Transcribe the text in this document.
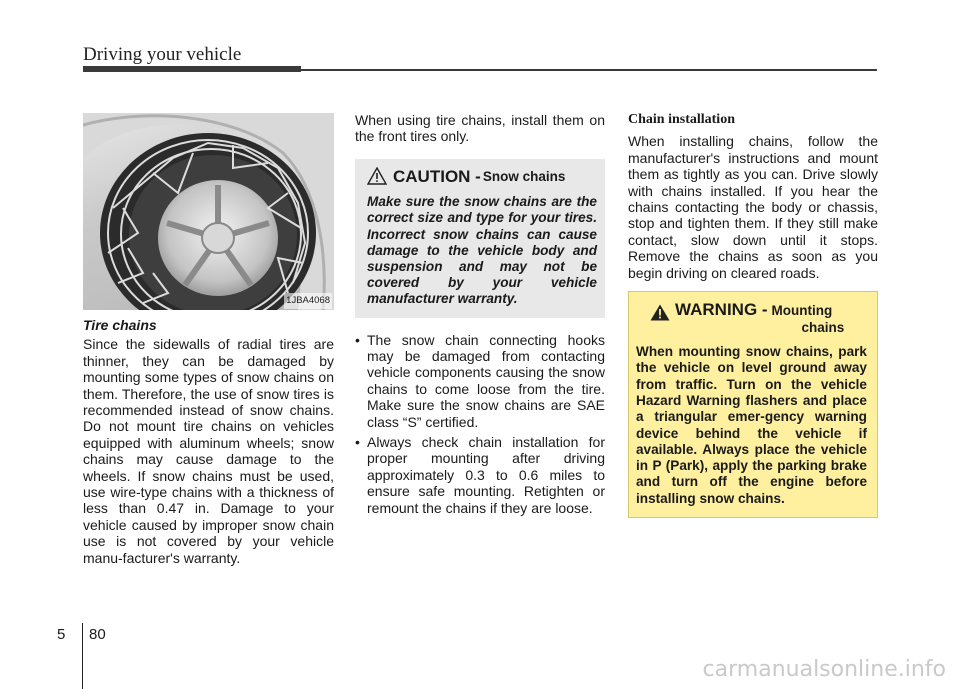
Driving your vehicle
1JBA4068
Tire chains

Since the sidewalls of radial tires are thinner, they can be damaged by mounting some types of snow chains on them. Therefore, the use of snow tires is recommended instead of snow chains. Do not mount tire chains on vehicles equipped with aluminum wheels; snow chains may cause damage to the wheels. If snow chains must be used, use wire-type chains with a thickness of less than 0.47 in. Damage to your vehicle caused by improper snow chain use is not covered by your vehicle manu-facturer's warranty.

When using tire chains, install them on the front tires only.

CAUTION - Snow chains

Make sure the snow chains are the correct size and type for your tires. Incorrect snow chains can cause damage to the vehicle body and suspension and may not be covered by your vehicle manufacturer warranty.

• The snow chain connecting hooks may be damaged from contacting vehicle components causing the snow chains to come loose from the tire. Make sure the snow chains are SAE class “S” certified.
• Always check chain installation for proper mounting after driving approximately 0.3 to 0.6 miles to ensure safe mounting. Retighten or remount the chains if they are loose.
Chain installation

When installing chains, follow the manufacturer's instructions and mount them as tightly as you can. Drive slowly with chains installed. If you hear the chains contacting the body or chassis, stop and tighten them. If they still make contact, slow down until it stops. Remove the chains as soon as you begin driving on cleared roads.

WARNING - Mounting
chains

When mounting snow chains, park the vehicle on level ground away from traffic. Turn on the vehicle Hazard Warning flashers and place a triangular emer-gency warning device behind the vehicle if available. Always place the vehicle in P (Park), apply the parking brake and turn off the engine before installing snow chains.

5 80
carmanualsonline.info
